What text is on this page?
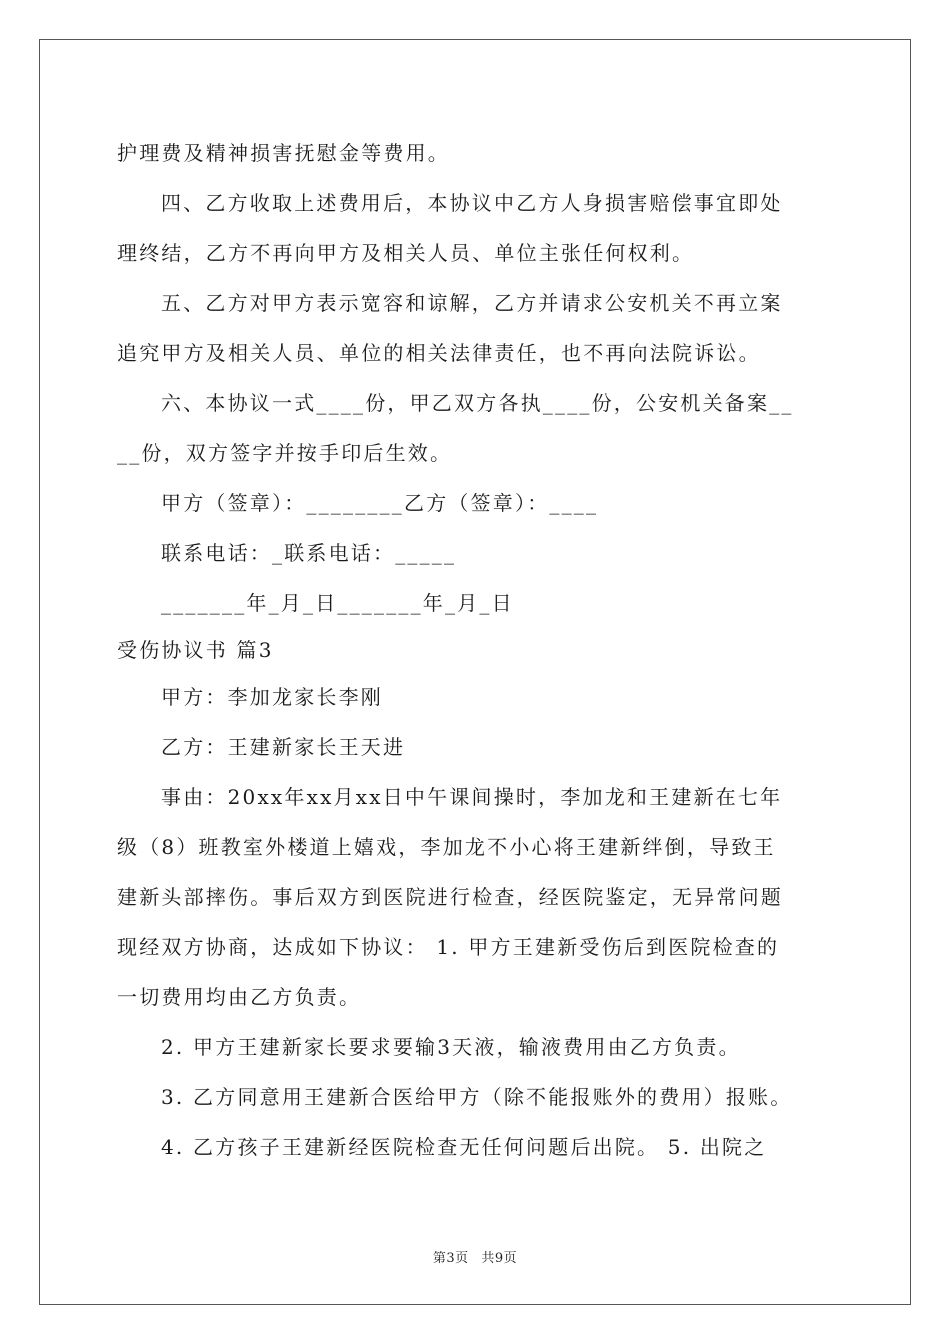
护理费及精神损害抚慰金等费用。
四、乙方收取上述费用后，本协议中乙方人身损害赔偿事宜即处
理终结，乙方不再向甲方及相关人员、单位主张任何权利。
五、乙方对甲方表示宽容和谅解，乙方并请求公安机关不再立案
追究甲方及相关人员、单位的相关法律责任，也不再向法院诉讼。
六、本协议一式____份，甲乙双方各执____份，公安机关备案__
__份，双方签字并按手印后生效。
甲方（签章）：________乙方（签章）：____
联系电话：_联系电话：_____
_______年_月_日_______年_月_日
受伤协议书 篇3
甲方：李加龙家长李刚
乙方：王建新家长王天进
事由：20xx年xx月xx日中午课间操时，李加龙和王建新在七年
级（8）班教室外楼道上嬉戏，李加龙不小心将王建新绊倒，导致王
建新头部摔伤。事后双方到医院进行检查，经医院鉴定，无异常问题
现经双方协商，达成如下协议： 1. 甲方王建新受伤后到医院检查的
一切费用均由乙方负责。
2. 甲方王建新家长要求要输3天液，输液费用由乙方负责。
3. 乙方同意用王建新合医给甲方（除不能报账外的费用）报账。
4. 乙方孩子王建新经医院检查无任何问题后出院。 5. 出院之
第3页 共9页
